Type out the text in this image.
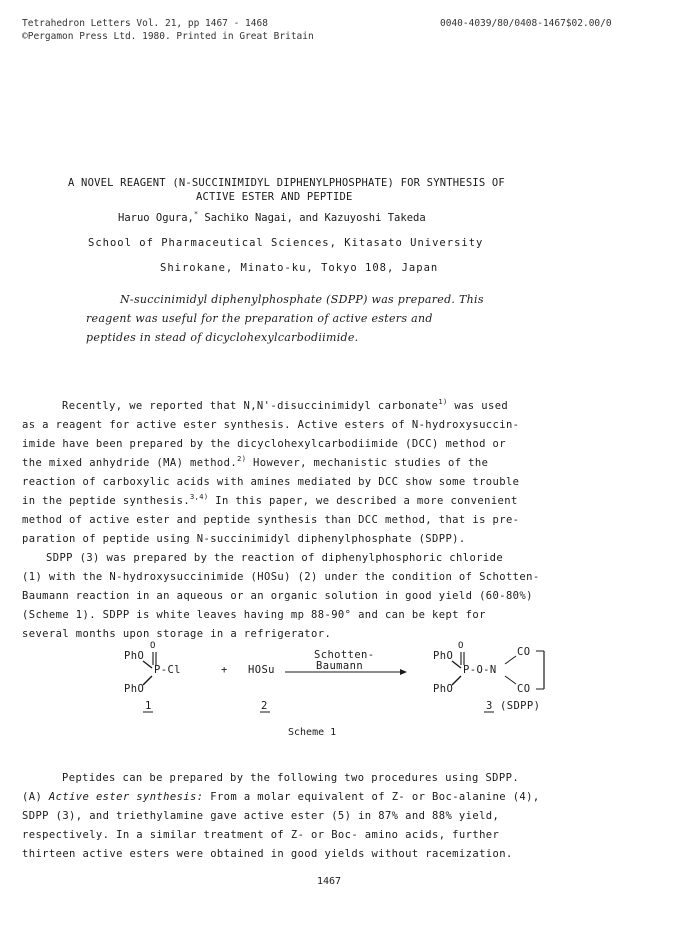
Tetrahedron Letters Vol. 21, pp 1467 - 1468
©Pergamon Press Ltd. 1980. Printed in Great Britain
0040-4039/80/0408-1467$02.00/0
A NOVEL REAGENT (N-SUCCINIMIDYL DIPHENYLPHOSPHATE) FOR SYNTHESIS OF
ACTIVE ESTER AND PEPTIDE
Haruo Ogura,* Sachiko Nagai, and Kazuyoshi Takeda
School of Pharmaceutical Sciences, Kitasato University
Shirokane, Minato-ku, Tokyo 108, Japan
N-succinimidyl diphenylphosphate (SDPP) was prepared. This
reagent was useful for the preparation of active esters and
peptides in stead of dicyclohexylcarbodiimide.
Recently, we reported that N,N'-disuccinimidyl carbonate$^{1)}$ was used
as a reagent for active ester synthesis. Active esters of N-hydroxysuccin-
imide have been prepared by the dicyclohexylcarbodiimide (DCC) method or
the mixed anhydride (MA) method.$^{2)}$ However, mechanistic studies of the
reaction of carboxylic acids with amines mediated by DCC show some trouble
in the peptide synthesis.$^{3,4)}$ In this paper, we described a more convenient
method of active ester and peptide synthesis than DCC method, that is pre-
paration of peptide using N-succinimidyl diphenylphosphate (SDPP).
SDPP (3) was prepared by the reaction of diphenylphosphoric chloride
(1) with the N-hydroxysuccinimide (HOSu) (2) under the condition of Schotten-
Baumann reaction in an aqueous or an organic solution in good yield (60-80%)
(Scheme 1). SDPP is white leaves having mp 88-90° and can be kept for
several months upon storage in a refrigerator.
PhO
O
P-Cl
PhO
+ HOSu
Schotten-
Baumann
PhO
O
P-O-N
CO
CO
PhO
1	2	3 (SDPP)
Scheme 1
Peptides can be prepared by the following two procedures using SDPP.
(A) Active ester synthesis: From a molar equivalent of Z- or Boc-alanine (4),
SDPP (3), and triethylamine gave active ester (5) in 87% and 88% yield,
respectively. In a similar treatment of Z- or Boc- amino acids, further
thirteen active esters were obtained in good yields without racemization.
1467
